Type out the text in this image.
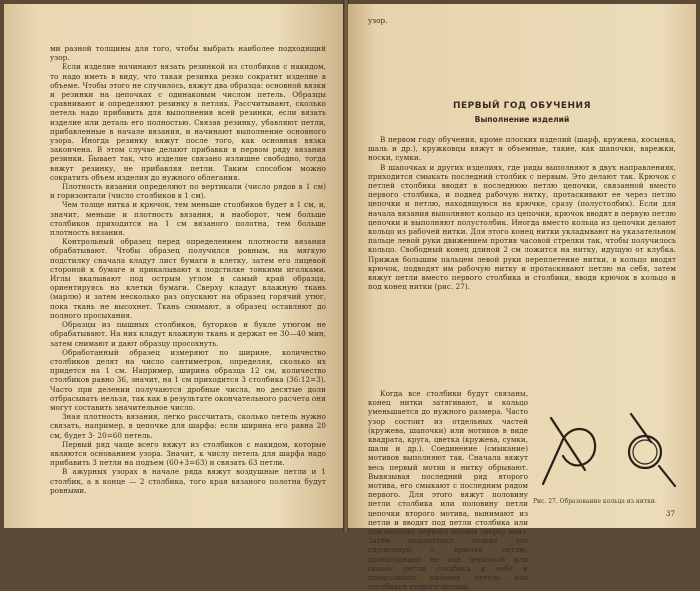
ми разной толщины для того, чтобы выбрать наиболее подходящий узор.

Если изделие начинают вязать резинкой из столбиков с накидом, то надо иметь в виду, что такая резинка резко сократит изделие в объеме. Чтобы этого не случилось, вяжут два образца: основной вязки и резинки на цепочках с одинаковым числом петель. Образцы сравнивают и определяют резинку в петлях. Рассчитывают, сколько петель надо прибавить для выполнения всей резинки, если вязать изделие или деталь его полностью. Связав резинку, убавляют петли, прибавленные в начале вязания, и начинают выполнение основного узора. Иногда резинку вяжут после того, как основная вязка закончена. В этом случае делают прибавки в первом ряду вязания резинки. Бывает так, что изделие связано излишне свободно, тогда вяжут резинку, не прибавляя петли. Таким способом можно сократить объем изделия до нужного облегания.

Плотность вязания определяют по вертикали (число рядов в 1 см) и горизонтали (число столбиков в 1 см).

Чем толще нитка и крючок, тем меньше столбиков будет в 1 см, и, значит, меньше и плотность вязания, и наоборот, чем больше столбиков приходится на 1 см вязаного полотна, тем больше плотность вязания.

Контрольный образец перед определением плотности вязания обрабатывают. Чтобы образец получился ровным, на мягкую подстилку сначала кладут лист бумаги в клетку, затем его лицевой стороной к бумаге и прикалывают к подстилке тонкими иголками. Иглы вкалывают под острым углом в самый край образца, ориентируясь на клетки бумаги. Сверху кладут влажную ткань (марлю) и затем несколько раз опускают на образец горячий утюг, пока ткань не высохнет. Ткань снимают, а образец оставляют до полного просыхания.

Образцы из пышных столбиков, бугорков и букле утюгом не обрабатывают. На них кладут влажную ткань и держат ее 30—40 мин, затем снимают и дают образцу просохнуть.

Обработанный образец измеряют по ширине, количество столбиков делят на число сантиметров, определяя, сколько их придется на 1 см. Например, ширина образца 12 см, количество столбиков равно 36, значит, на 1 см приходится 3 столбика (36:12=3). Часто при делении получаются дробные числа, но десятые доли отбрасывать нельзя, так как в результате окончательного расчета они могут составить значительное число.

Зная плотность вязания, легко рассчитать, сколько петель нужно связать, например, в цепочке для шарфа: если ширина его равна 20 см, будет 3· 20=60 петель.

Первый ряд чаще всего вяжут из столбиков с накидом, которые являются основанием узора. Значит, к числу петель для шарфа надо прибавить 3 петли на подъем (60+3=63) и связать 63 петли.

В ажурных узорах в начале ряда вяжут воздушные петли и 1 столбик, а в конце — 2 столбика, того края вязаного полотна будут ровными.

узор.
ПЕРВЫЙ ГОД ОБУЧЕНИЯ
Выполнение изделий

В первом году обучения, кроме плоских изделий (шарф, кружева, косынка, шаль и др.), кружковцы вяжут и объемные, такие, как шапочки, варежки, носки, сумки.

В шапочках и других изделиях, где ряды выполняют в двух направлениях, приходится смыкать последний столбик с первым. Это делают так. Крючок с петлей столбика вводят в последнюю петлю цепочки, связанной вместо первого столбика, и подвед рабочую нитку, протаскивают ее через петлю цепочки и петлю, находящуюся на крючке, сразу (полустолбик). Если для начала вязания выполняют кольцо из цепочки, крючок вводят в первую петлю цепочки и выполняют полустолбик. Иногда вместо кольца из цепочки делают кольцо из рабочей нитки. Для этого конец нитки укладывают на указательном пальце левой руки движением против часовой стрелки так, чтобы получилось кольцо. Свободный конец длиной 2 см ложится на нитку, идущую от клубка. Прижав большим пальцем левой руки переплетение нитки, в кольцо вводят крючок, подводят им рабочую нитку и протаскивают петлю на себя, затем вяжут петли вместо первого столбика и столбики, вводя крючок в кольцо и под конец нитки (рис. 27).

Когда все столбики будут связаны, конец нитки затягивают, и кольцо уменьшается до нужного размера. Часто узор состоит из отдельных частей (кружева, шапочки) или мотивов в виде квадрата, круга, цветка (кружева, сумки, шали и др.). Соединение (смыкание) мотивов выполняют так. Сначала вяжут весь первый мотив и нитку обрывают. Вывязывая последний ряд второго мотива, его смыкают с последним рядом первого. Для этого вяжут половину петли столбика или половину петли цепочки второго мотива, вынимают из петли и вводят под петли столбика или под цепочку первого мотива сверху вниз. Затем подцепляют только что спущенную с крючка петлю, протаскивают ее под цепочкой или сквозь петли столбика к себе и продолжают вязание петель или столбиков второго мотива.

Рис. 27. Образование кольца из нитки.
37
